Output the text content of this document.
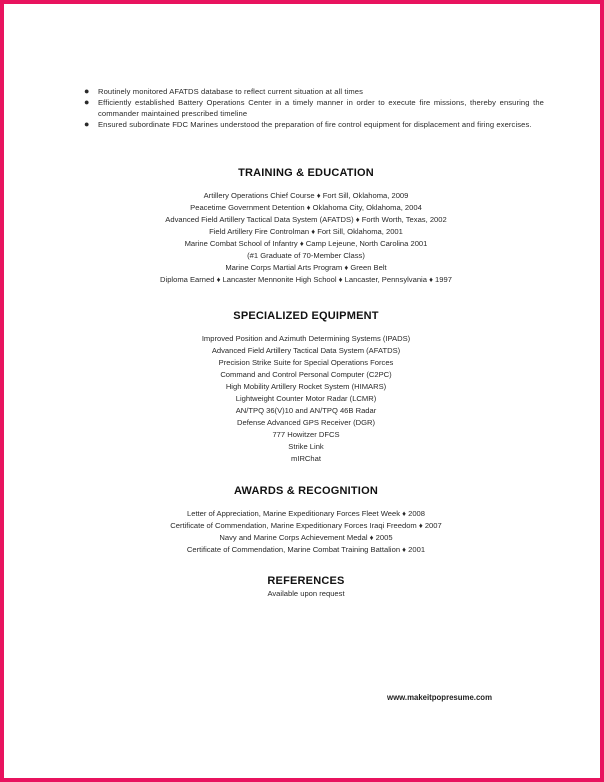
● Routinely monitored AFATDS database to reflect current situation at all times
● Efficiently established Battery Operations Center in a timely manner in order to execute fire missions, thereby ensuring the commander maintained prescribed timeline
● Ensured subordinate FDC Marines understood the preparation of fire control equipment for displacement and firing exercises.
TRAINING & EDUCATION
Artillery Operations Chief Course ♦ Fort Sill, Oklahoma, 2009
Peacetime Government Detention ♦ Oklahoma City, Oklahoma, 2004
Advanced Field Artillery Tactical Data System (AFATDS) ♦ Forth Worth, Texas, 2002
Field Artillery Fire Controlman ♦ Fort Sill, Oklahoma, 2001
Marine Combat School of Infantry ♦ Camp Lejeune, North Carolina 2001
(#1 Graduate of 70-Member Class)
Marine Corps Martial Arts Program ♦ Green Belt
Diploma Earned ♦ Lancaster Mennonite High School ♦ Lancaster, Pennsylvania ♦ 1997
SPECIALIZED EQUIPMENT
Improved Position and Azimuth Determining Systems (IPADS)
Advanced Field Artillery Tactical Data System (AFATDS)
Precision Strike Suite for Special Operations Forces
Command and Control Personal Computer (C2PC)
High Mobility Artillery Rocket System (HIMARS)
Lightweight Counter Motor Radar (LCMR)
AN/TPQ 36(V)10 and AN/TPQ 46B Radar
Defense Advanced GPS Receiver (DGR)
777 Howitzer DFCS
Strike Link
mIRChat
AWARDS & RECOGNITION
Letter of Appreciation, Marine Expeditionary Forces Fleet Week ♦ 2008
Certificate of Commendation, Marine Expeditionary Forces Iraqi Freedom ♦ 2007
Navy and Marine Corps Achievement Medal ♦ 2005
Certificate of Commendation, Marine Combat Training Battalion ♦ 2001
REFERENCES
Available upon request
www.makeitpopresume.com
